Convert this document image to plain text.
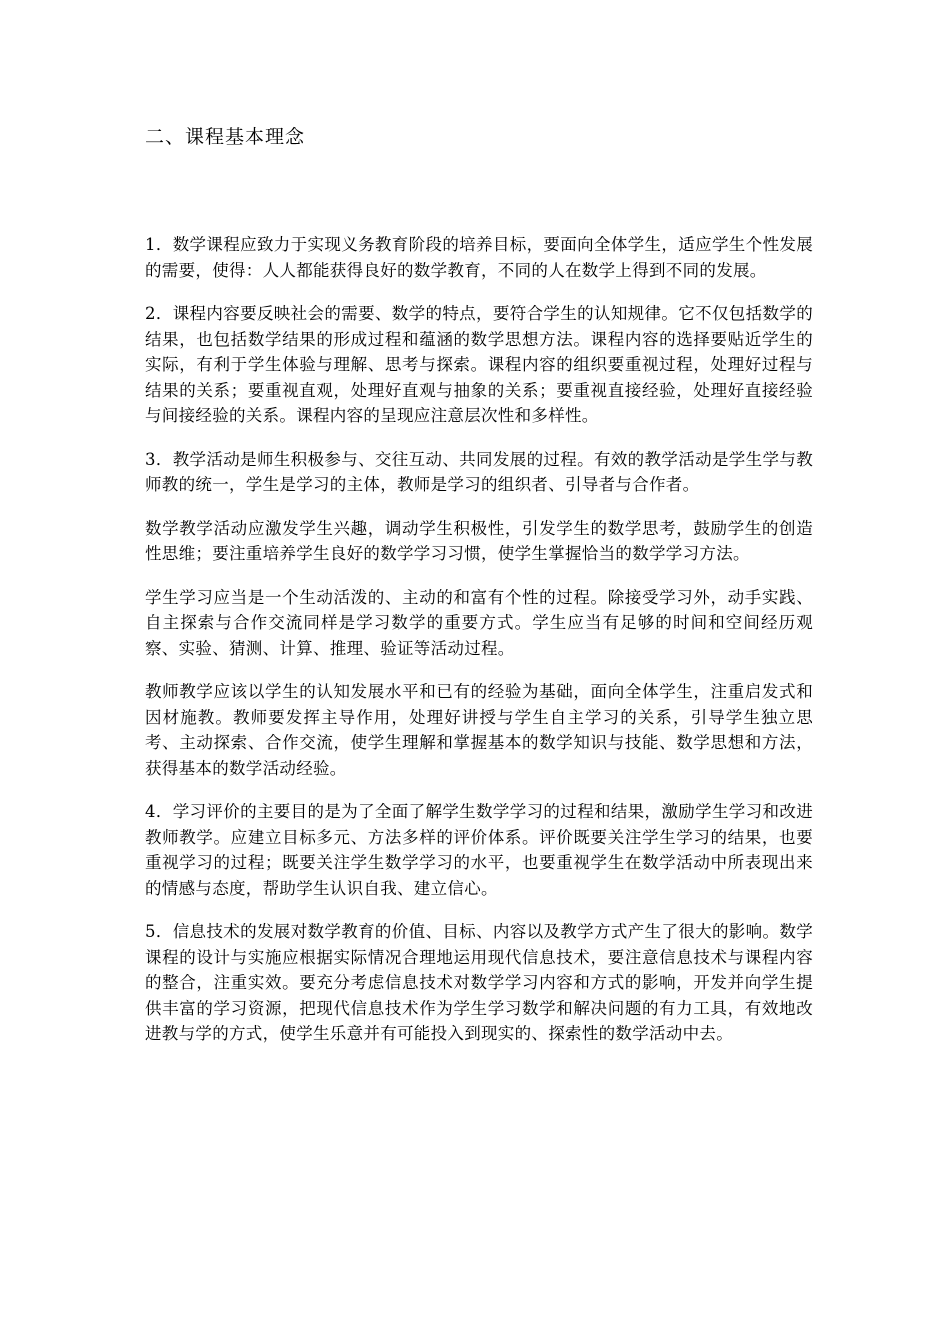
二、课程基本理念

1．数学课程应致力于实现义务教育阶段的培养目标，要面向全体学生，适应学生个性发展的需要，使得：人人都能获得良好的数学教育，不同的人在数学上得到不同的发展。

2．课程内容要反映社会的需要、数学的特点，要符合学生的认知规律。它不仅包括数学的结果，也包括数学结果的形成过程和蕴涵的数学思想方法。课程内容的选择要贴近学生的实际，有利于学生体验与理解、思考与探索。课程内容的组织要重视过程，处理好过程与结果的关系；要重视直观，处理好直观与抽象的关系；要重视直接经验，处理好直接经验与间接经验的关系。课程内容的呈现应注意层次性和多样性。

3．教学活动是师生积极参与、交往互动、共同发展的过程。有效的教学活动是学生学与教师教的统一，学生是学习的主体，教师是学习的组织者、引导者与合作者。

数学教学活动应激发学生兴趣，调动学生积极性，引发学生的数学思考，鼓励学生的创造性思维；要注重培养学生良好的数学学习习惯，使学生掌握恰当的数学学习方法。

学生学习应当是一个生动活泼的、主动的和富有个性的过程。除接受学习外，动手实践、自主探索与合作交流同样是学习数学的重要方式。学生应当有足够的时间和空间经历观察、实验、猜测、计算、推理、验证等活动过程。

教师教学应该以学生的认知发展水平和已有的经验为基础，面向全体学生，注重启发式和因材施教。教师要发挥主导作用，处理好讲授与学生自主学习的关系，引导学生独立思考、主动探索、合作交流，使学生理解和掌握基本的数学知识与技能、数学思想和方法，获得基本的数学活动经验。

4．学习评价的主要目的是为了全面了解学生数学学习的过程和结果，激励学生学习和改进教师教学。应建立目标多元、方法多样的评价体系。评价既要关注学生学习的结果，也要重视学习的过程；既要关注学生数学学习的水平，也要重视学生在数学活动中所表现出来的情感与态度，帮助学生认识自我、建立信心。

5．信息技术的发展对数学教育的价值、目标、内容以及教学方式产生了很大的影响。数学课程的设计与实施应根据实际情况合理地运用现代信息技术，要注意信息技术与课程内容的整合，注重实效。要充分考虑信息技术对数学学习内容和方式的影响，开发并向学生提供丰富的学习资源，把现代信息技术作为学生学习数学和解决问题的有力工具，有效地改进教与学的方式，使学生乐意并有可能投入到现实的、探索性的数学活动中去。
